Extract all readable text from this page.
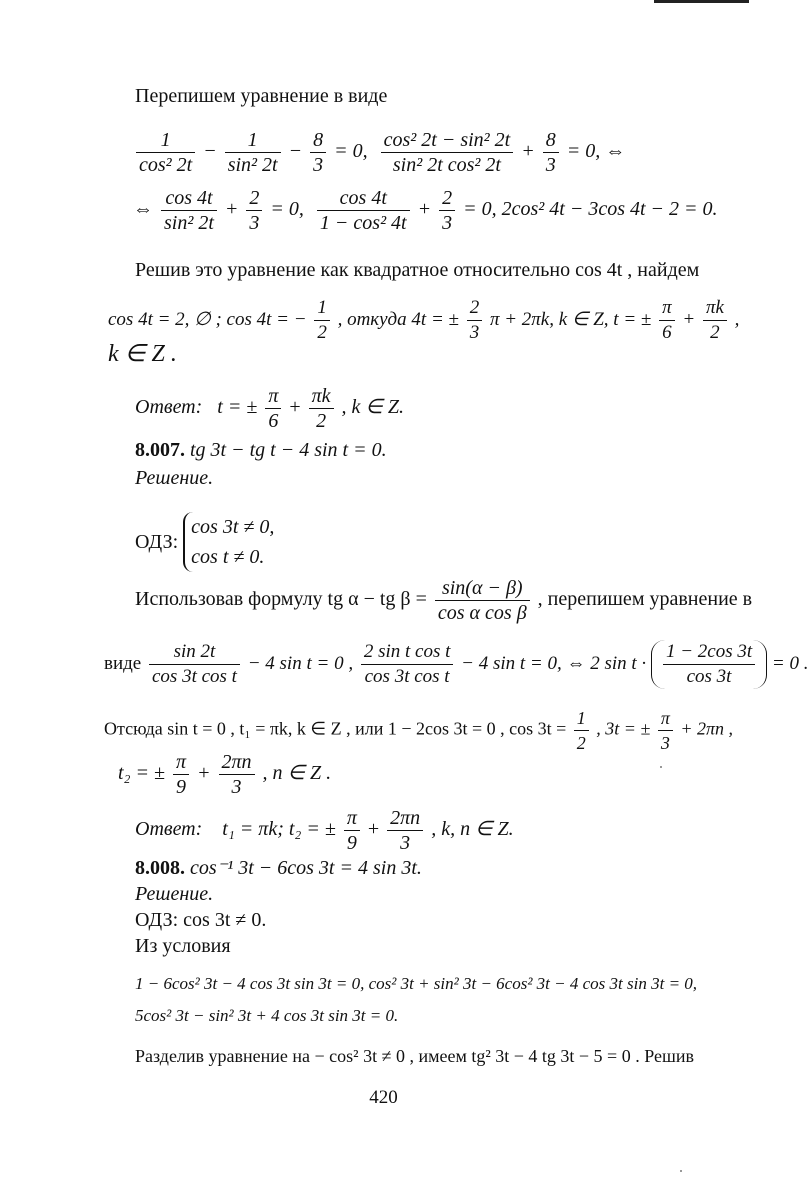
Перепишем уравнение в виде
$\frac{1}{\text{cos² 2t}} - \frac{1}{\text{sin² 2t}} - \frac{8}{3} = 0$, $\frac{\text{cos² 2t − sin² 2t}}{\text{sin² 2t cos² 2t}} + \frac{8}{3} = 0$, ⇔
⇔ $\frac{\cos 4t}{\text{sin² 2t}} + \frac{2}{3} = 0$, $\frac{\cos 4t}{\text{1 − cos² 4t}} + \frac{2}{3} = 0$, 2cos² 4t − 3cos 4t − 2 = 0.
Решив это уравнение как квадратное относительно cos 4t , найдем
cos 4t = 2, ∅ ; cos 4t = − $\frac{1}{2}$ , откуда 4t = ± $\frac{2}{3}$ π + 2πk, k ∈ Z, t = ± $\frac{\pi}{6} + \frac{\pi k}{2}$ ,
k ∈ Z .
Ответ: t = ± $\frac{\pi}{6} + \frac{\pi k}{2}$ , k ∈ Z.
8.007. tg 3t − tg t − 4 sin t = 0.
Решение.
ОДЗ:
cos 3t ≠ 0,
cos t ≠ 0.
Использовав формулу tg α − tg $\beta = \frac{\sin(\alpha - \beta)}{\text{cos α cos β}}$ , перепишем уравнение в
виде $\frac{\sin 2t}{\text{cos 3t cos t}} - 4$ sin t = 0 , $\frac{\text{2 sin t cos t}}{\text{cos 3t cos t}} - 4$ sin t = 0, ⇔ 2 $\sin t \cdot \frac{1 - 2\cos 3t}{\cos 3t} = 0$ .
Отсюда sin t = 0 , t₁ = πk, k ∈ Z , или 1 − 2cos 3t = 0 , $\cos 3t = \frac{1}{2}$ , 3t = ± $\frac{\pi}{3} + 2\pi n$ ,
t₂ = ± $\frac{\pi}{9} + \frac{2\pi n}{3}$ , n ∈ Z .
Ответ: t₁ = πk; t₂ = ± $\frac{\pi}{9} + \frac{2\pi n}{3}$ , k, n ∈ Z.
8.008. cos⁻¹ 3t − 6cos 3t = 4 sin 3t.
Решение.
ОДЗ: cos 3t ≠ 0.
Из условия
1 − 6cos² 3t − 4 cos 3t sin 3t = 0, cos² 3t + sin² 3t − 6cos² 3t − 4 cos 3t sin 3t = 0,
5cos² 3t − sin² 3t + 4 cos 3t sin 3t = 0.
Разделив уравнение на − cos² 3t ≠ 0 , имеем tg² 3t − 4 tg 3t − 5 = 0 . Решив
420
